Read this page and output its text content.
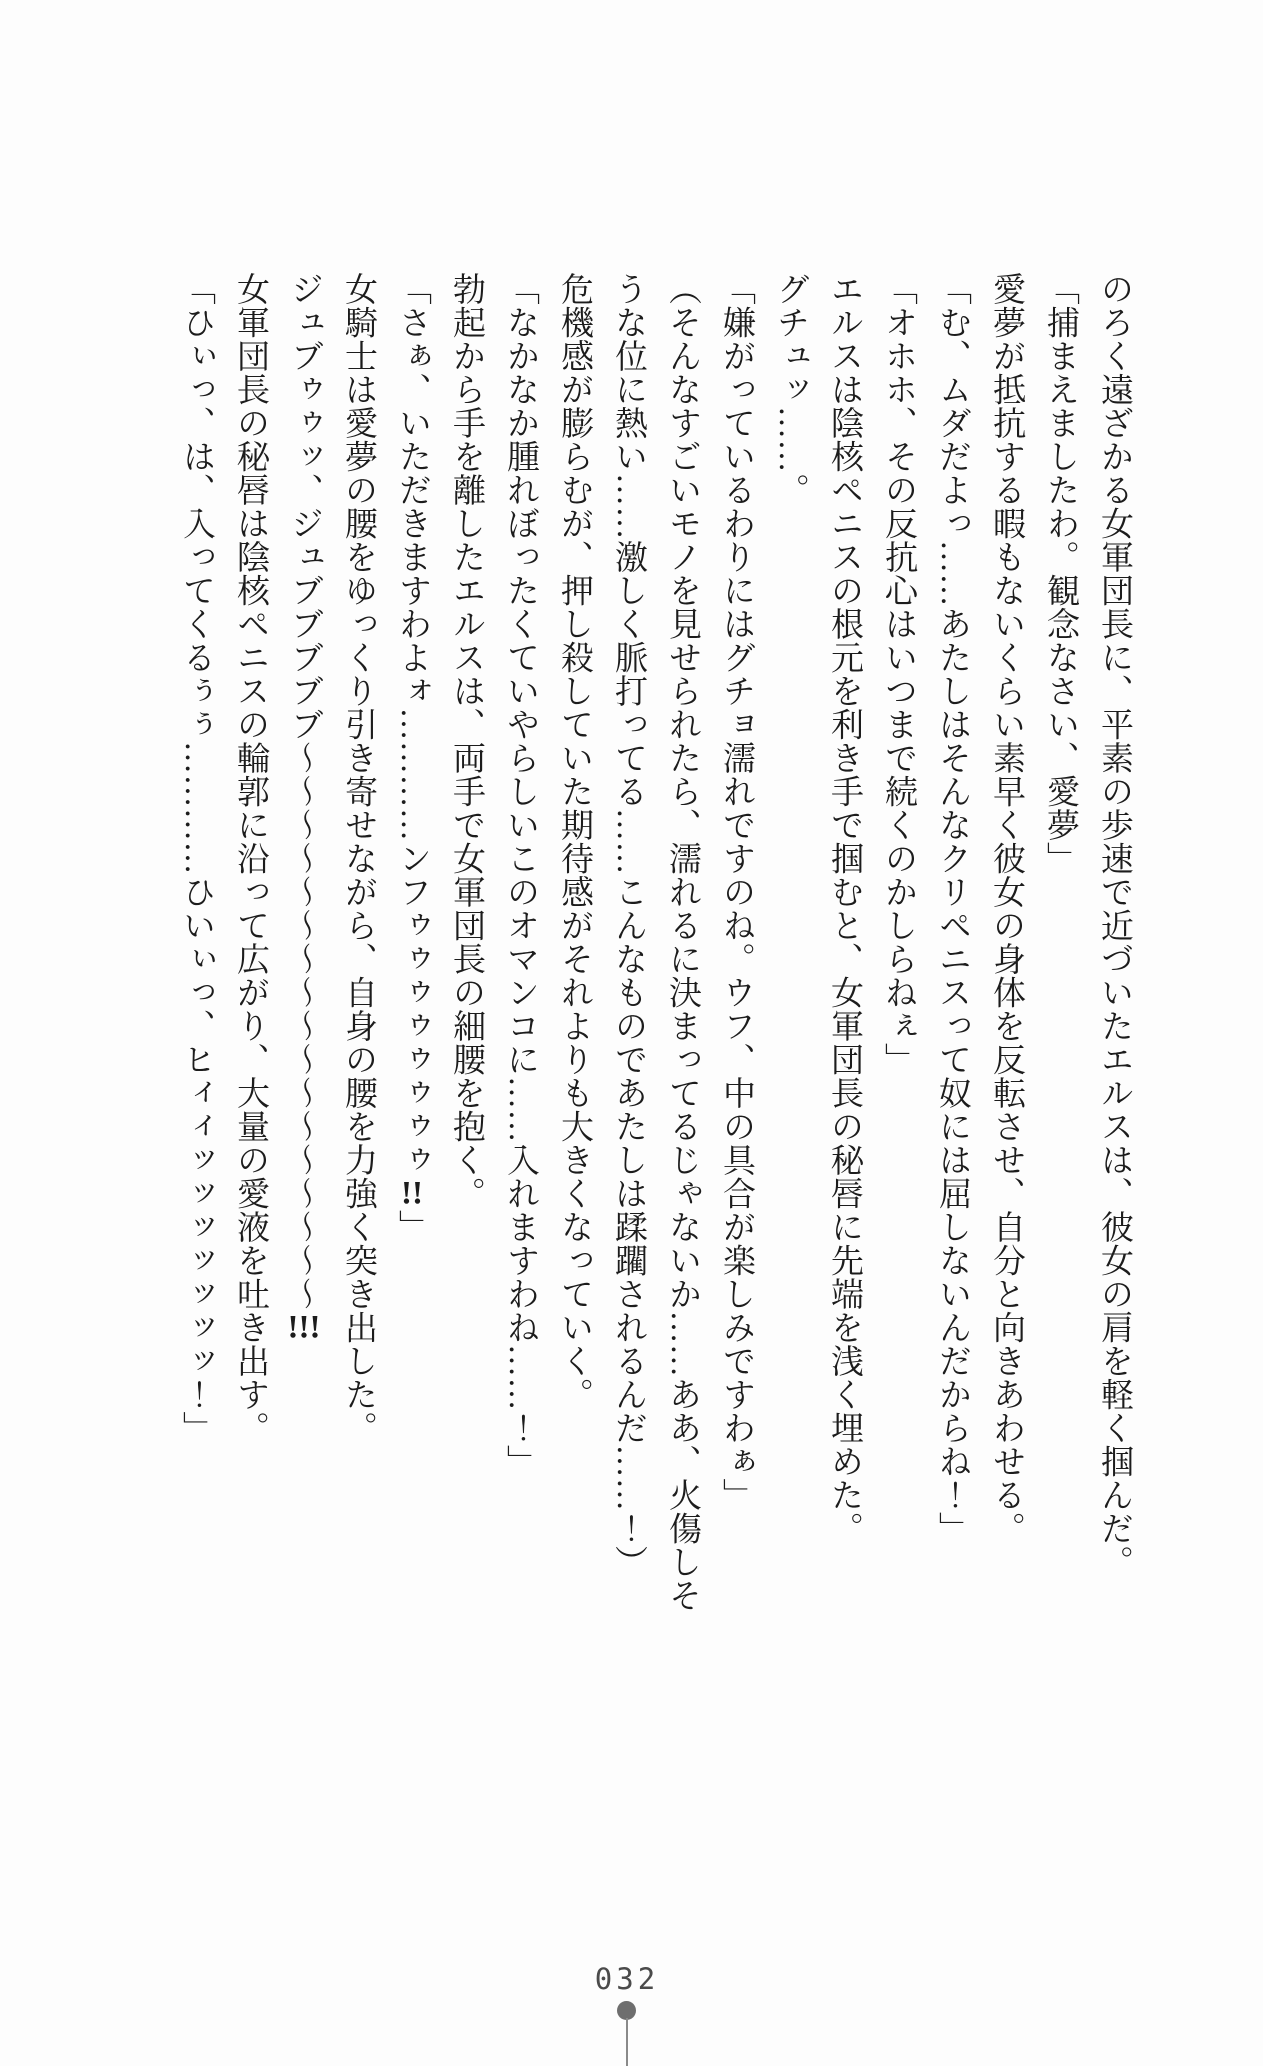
のろく遠ざかる女軍団長に、平素の歩速で近づいたエルスは、彼女の肩を軽く掴んだ。

「捕まえましたわ。観念なさい、愛夢」

愛夢が抵抗する暇もないくらい素早く彼女の身体を反転させ、自分と向きあわせる。

「む、ムダだよっ……あたしはそんなクリペニスって奴には屈しないんだからね！」

「オホホ、その反抗心はいつまで続くのかしらねぇ」

エルスは陰核ペニスの根元を利き手で掴むと、女軍団長の秘唇に先端を浅く埋めた。

グチュッ……。

「嫌がっているわりにはグチョ濡れですのね。ウフ、中の具合が楽しみですわぁ」

（そんなすごいモノを見せられたら、濡れるに決まってるじゃないか……ああ、火傷しそうな位に熱い……激しく脈打ってる……こんなものであたしは蹂躙されるんだ……！）

危機感が膨らむが、押し殺していた期待感がそれよりも大きくなっていく。

「なかなか腫れぼったくていやらしいこのオマンコに……入れますわね……！」

勃起から手を離したエルスは、両手で女軍団長の細腰を抱く。

「さぁ、いただきますわよォ…………ンフゥゥゥゥゥゥゥゥ!!」

女騎士は愛夢の腰をゆっくり引き寄せながら、自身の腰を力強く突き出した。

ジュブゥゥッ、ジュブブブブブ〜〜〜〜〜〜〜〜〜〜〜〜〜〜〜〜〜!!!

女軍団長の秘唇は陰核ペニスの輪郭に沿って広がり、大量の愛液を吐き出す。

「ひぃっ、は、入ってくるぅぅ…………ひいぃっ、ヒィィッッッッッッッ！」

032
